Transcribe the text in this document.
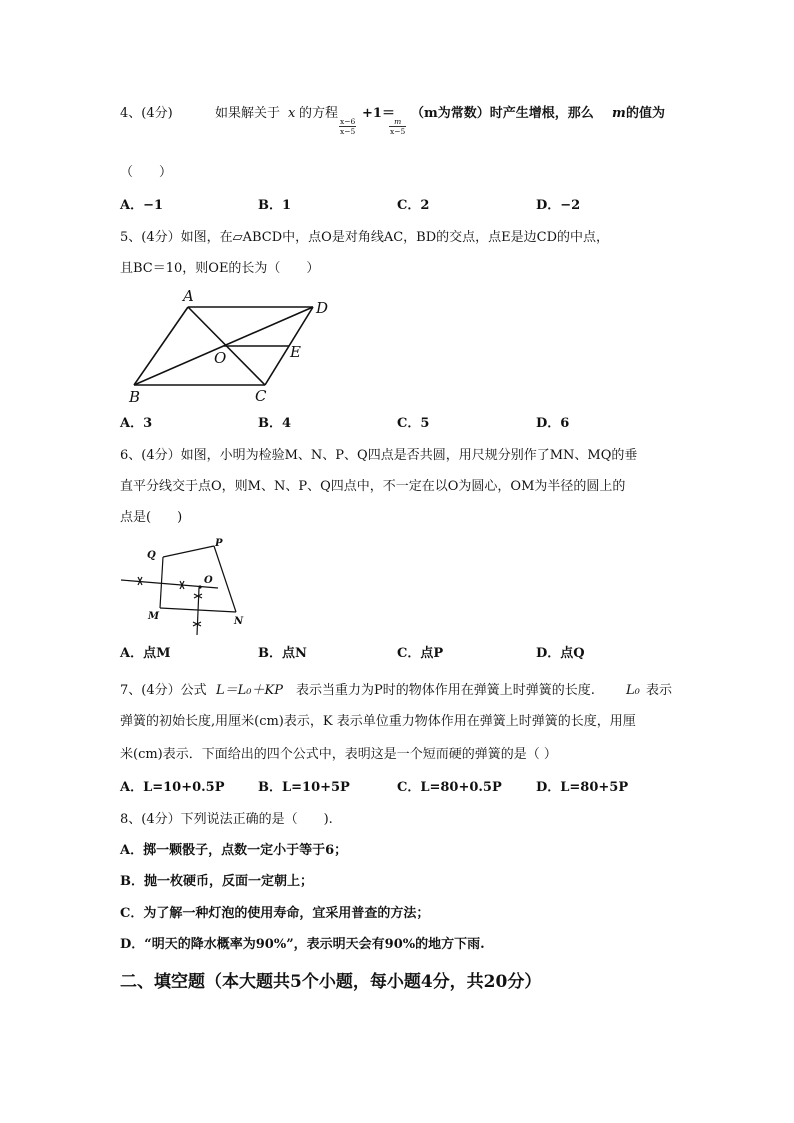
4、(4分)	如果解关于 x 的方程
$\frac{x-6}{x-5}$
+1＝
$\frac{m}{x-5}$
（m为常数）时产生增根，那么 m 的值为
（　　）
A．−1	B．1	C．2	D．−2
5、(4分）如图，在▱ABCD中，点O是对角线AC，BD的交点，点E是边CD的中点，
且BC＝10，则OE的长为（　　）
A
D
O	E
B	C
A．3	B．4	C．5	D．6
6、(4分）如图，小明为检验M、N、P、Q四点是否共圆，用尺规分别作了MN、MQ的垂
直平分线交于点O，则M、N、P、Q四点中，不一定在以O为圆心，OM为半径的圆上的
点是(　　)
Q
P
O
M	N
A．点M	B．点N	C．点P	D．点Q
7、(4分）公式 L＝L₀＋KP 表示当重力为P时的物体作用在弹簧上时弹簧的长度. L₀ 表示
弹簧的初始长度,用厘米(cm)表示，K 表示单位重力物体作用在弹簧上时弹簧的长度，用厘
米(cm)表示．下面给出的四个公式中，表明这是一个短而硬的弹簧的是（ ）
A．L=10+0.5P	B．L=10+5P	C．L=80+0.5P	D．L=80+5P
8、(4分）下列说法正确的是（　　).
A．掷一颗骰子，点数一定小于等于6；
B．抛一枚硬币，反面一定朝上；
C．为了解一种灯泡的使用寿命，宜采用普查的方法；
D．“明天的降水概率为90%”，表示明天会有90%的地方下雨.
二、填空题（本大题共5个小题，每小题4分，共20分）
